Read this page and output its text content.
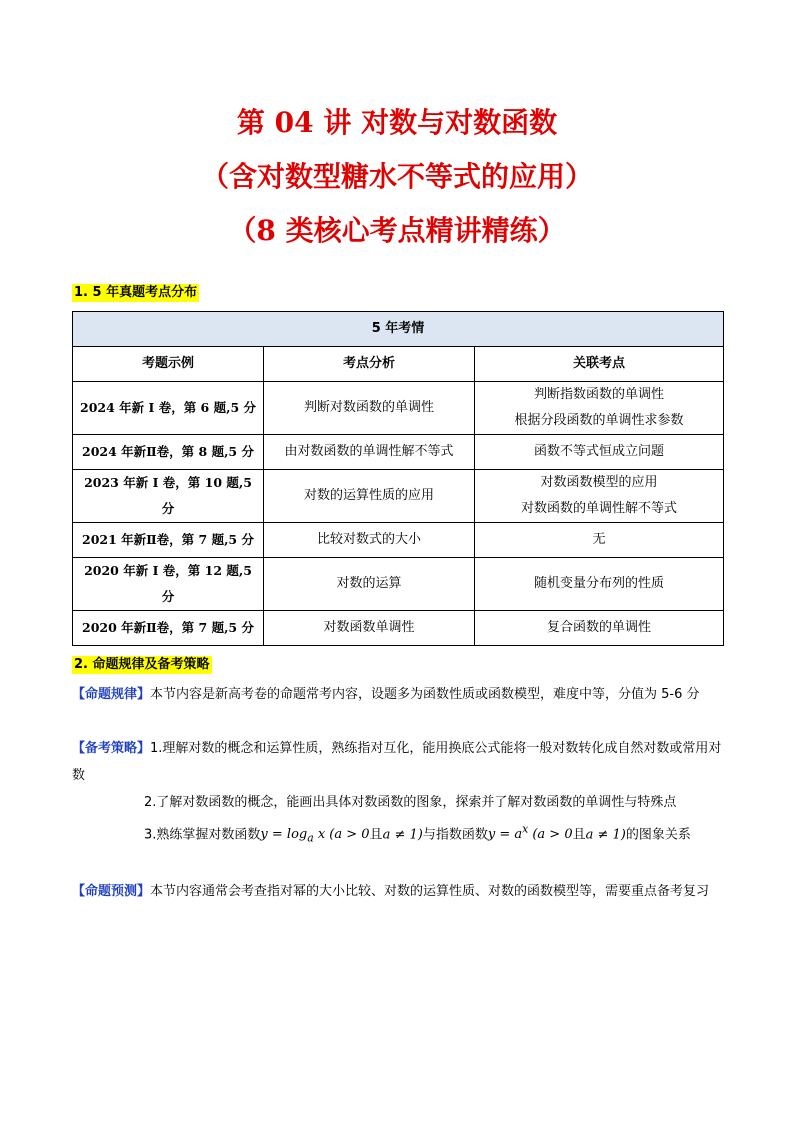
第 04 讲 对数与对数函数
（含对数型糖水不等式的应用）
（8 类核心考点精讲精练）
1. 5 年真题考点分布
5 年考情		
考题示例	考点分析	关联考点
2024 年新 I 卷，第 6 题,5 分	判断对数函数的单调性	判断指数函数的单调性
根据分段函数的单调性求参数

2024 年新Ⅱ卷，第 8 题,5 分	由对数函数的单调性解不等式	函数不等式恒成立问题
2023 年新 I 卷，第 10 题,5 分	对数的运算性质的应用	对数函数模型的应用
对数函数的单调性解不等式

2021 年新Ⅱ卷，第 7 题,5 分	比较对数式的大小	无
2020 年新 I 卷，第 12 题,5 分	对数的运算	随机变量分布列的性质
2020 年新Ⅱ卷，第 7 题,5 分	对数函数单调性	复合函数的单调性
2. 命题规律及备考策略
【命题规律】本节内容是新高考卷的命题常考内容，设题多为函数性质或函数模型，难度中等，分值为 5-6 分
【备考策略】1.理解对数的概念和运算性质，熟练指对互化，能用换底公式能将一般对数转化成自然对数或常用对数
2.了解对数函数的概念，能画出具体对数函数的图象，探索并了解对数函数的单调性与特殊点
3.熟练掌握对数函数$y = \log_a x$ (a > 0且a ≠ 1)与指数函数$y = a^x$ (a > 0且a ≠ 1)的图象关系
【命题预测】本节内容通常会考查指对幂的大小比较、对数的运算性质、对数的函数模型等，需要重点备考复习
